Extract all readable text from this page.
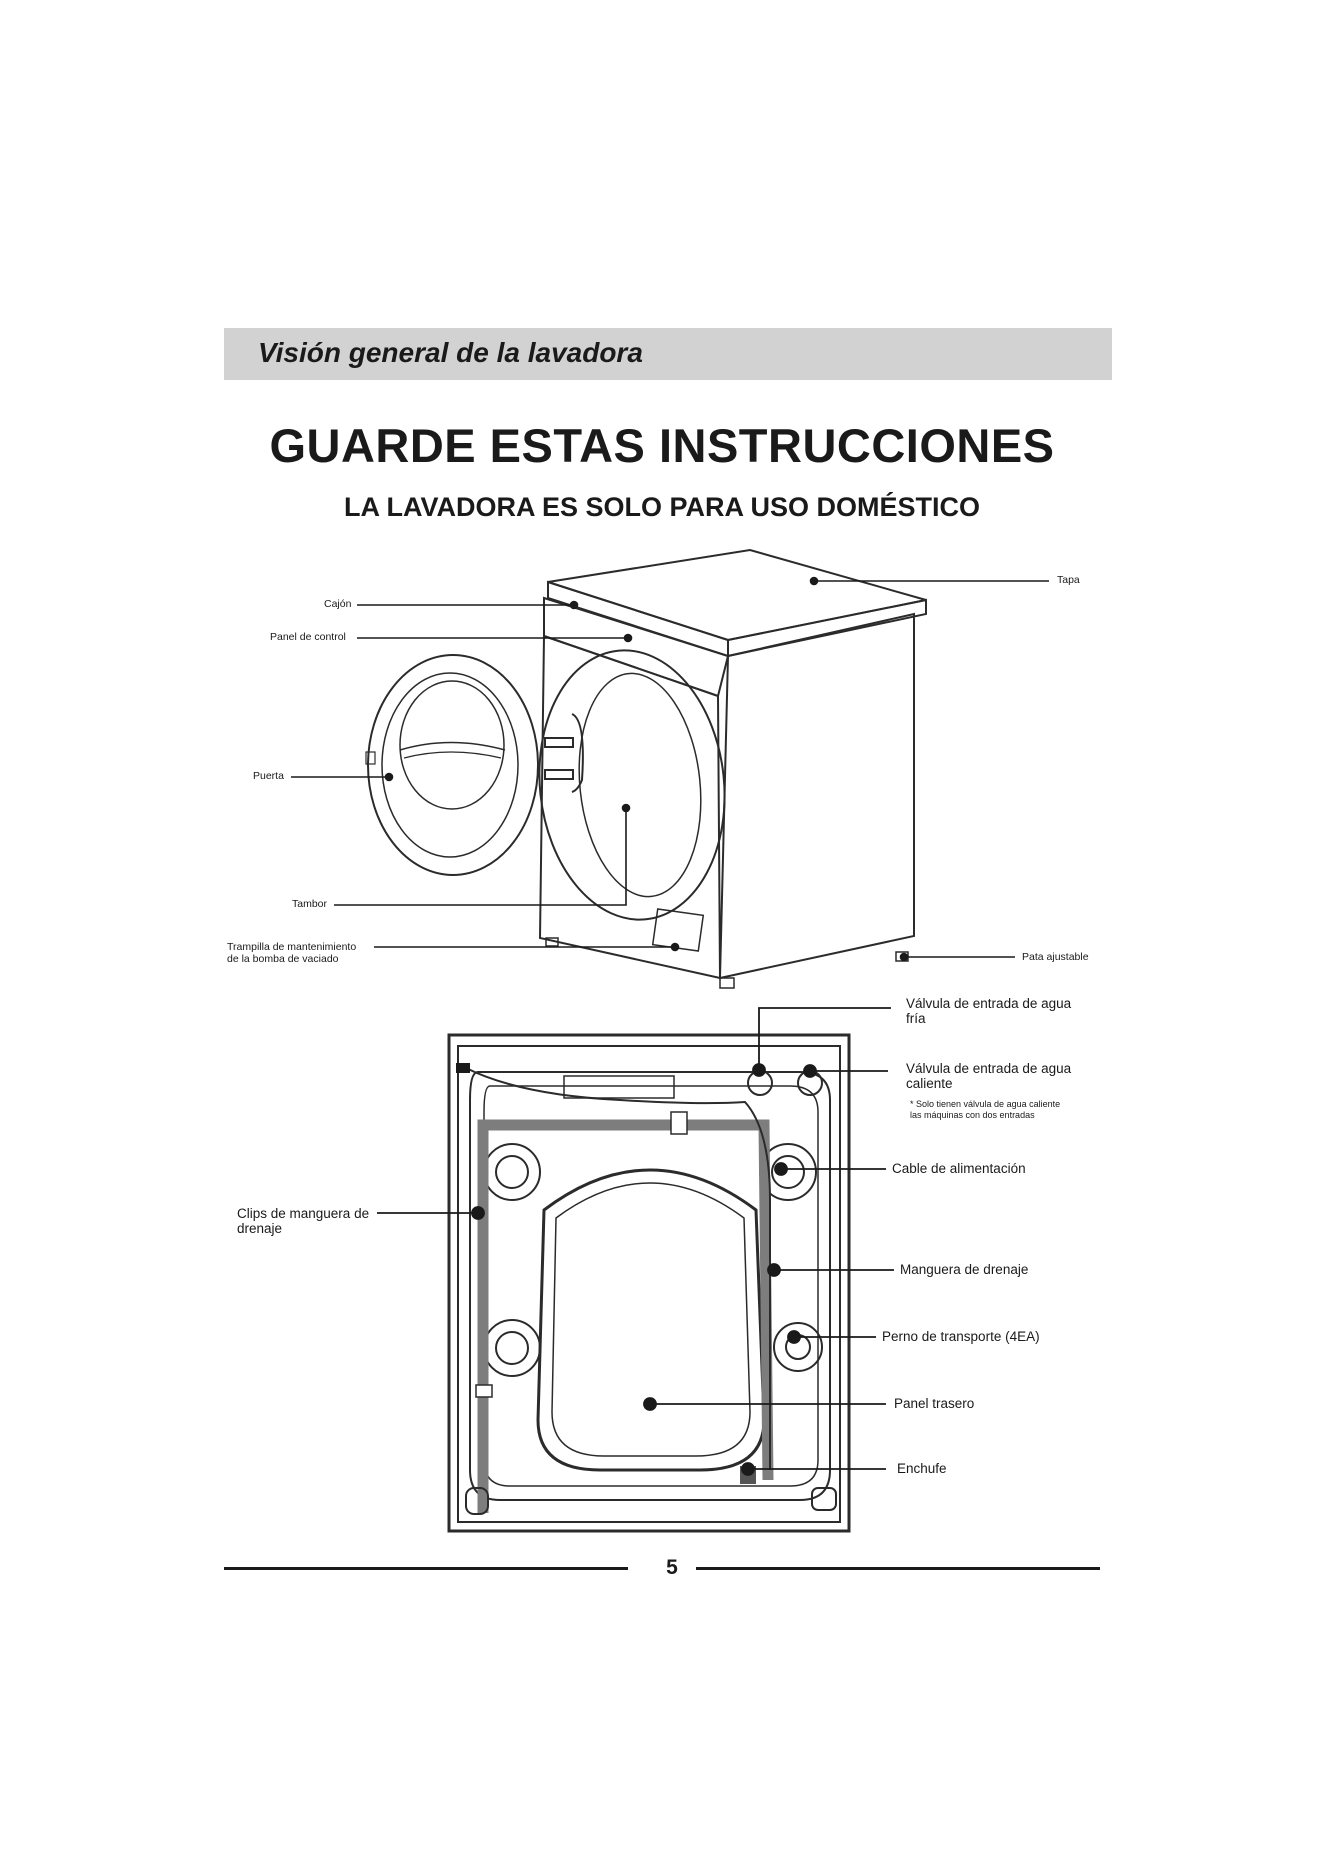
Visión general de la lavadora
GUARDE ESTAS INSTRUCCIONES
LA LAVADORA ES SOLO PARA USO DOMÉSTICO
Cajón
Panel de control
Puerta
Tambor
Trampilla de mantenimiento
de la bomba de vaciado
Tapa
Pata ajustable
Válvula de entrada de agua
fría
Válvula de entrada de agua
caliente
* Solo tienen válvula de agua caliente
las máquinas con dos entradas
Cable de alimentación
Manguera de drenaje
Perno de transporte (4EA)
Panel trasero
Enchufe
Clips de manguera de
drenaje
5
